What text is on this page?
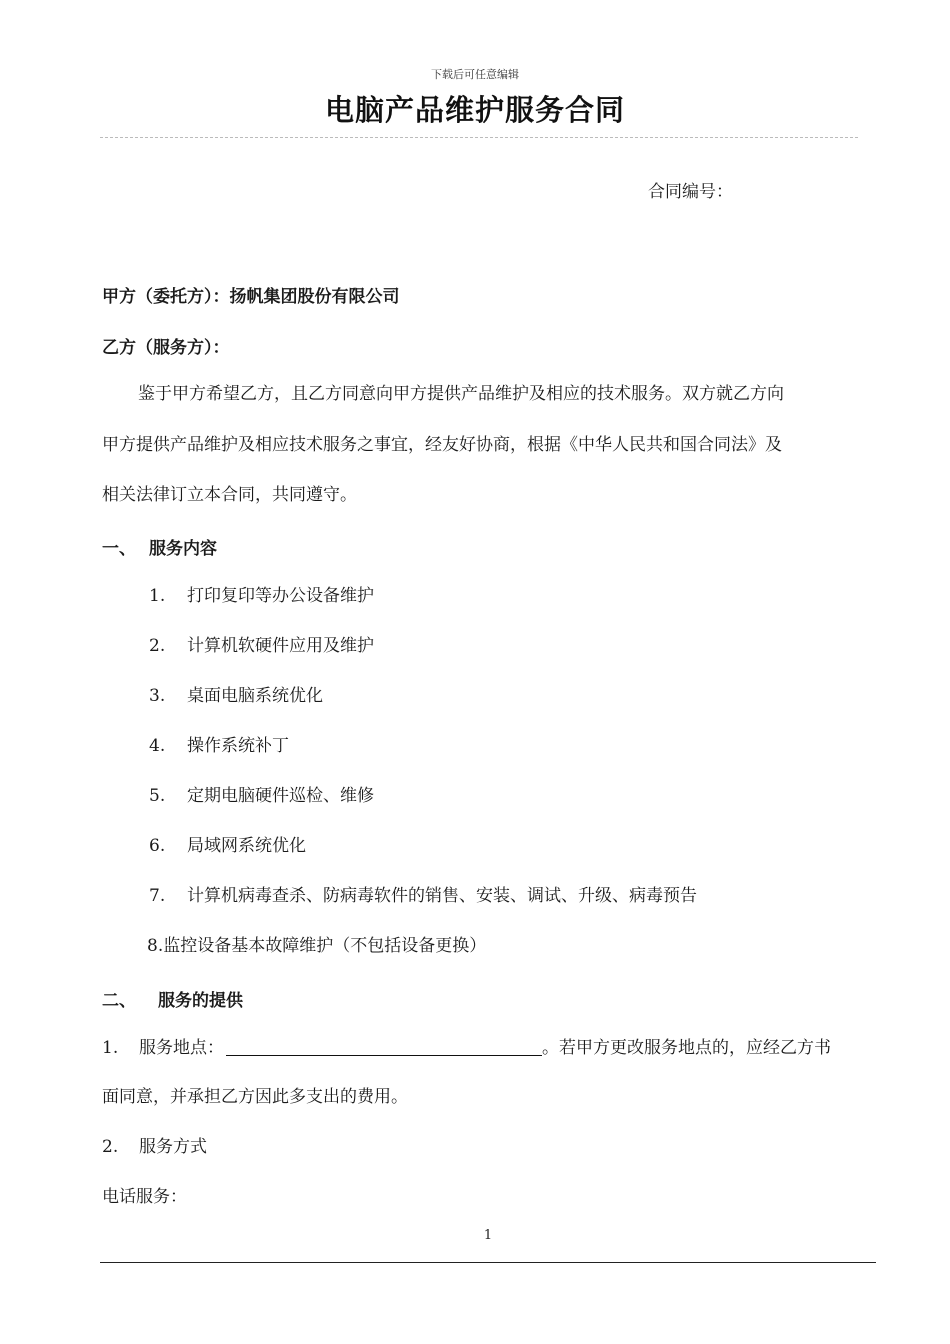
下载后可任意编辑
电脑产品维护服务合同
合同编号：
甲方（委托方）：扬帆集团股份有限公司
乙方（服务方）：
鉴于甲方希望乙方，且乙方同意向甲方提供产品维护及相应的技术服务。双方就乙方向
甲方提供产品维护及相应技术服务之事宜，经友好协商，根据《中华人民共和国合同法》及
相关法律订立本合同，共同遵守。
一、 服务内容
1. 打印复印等办公设备维护
2. 计算机软硬件应用及维护
3. 桌面电脑系统优化
4. 操作系统补丁
5. 定期电脑硬件巡检、维修
6. 局域网系统优化
7. 计算机病毒查杀、防病毒软件的销售、安装、调试、升级、病毒预告
8.监控设备基本故障维护（不包括设备更换）
二、 服务的提供
1. 服务地点：	。若甲方更改服务地点的，应经乙方书
面同意，并承担乙方因此多支出的费用。
2. 服务方式
电话服务：
1
